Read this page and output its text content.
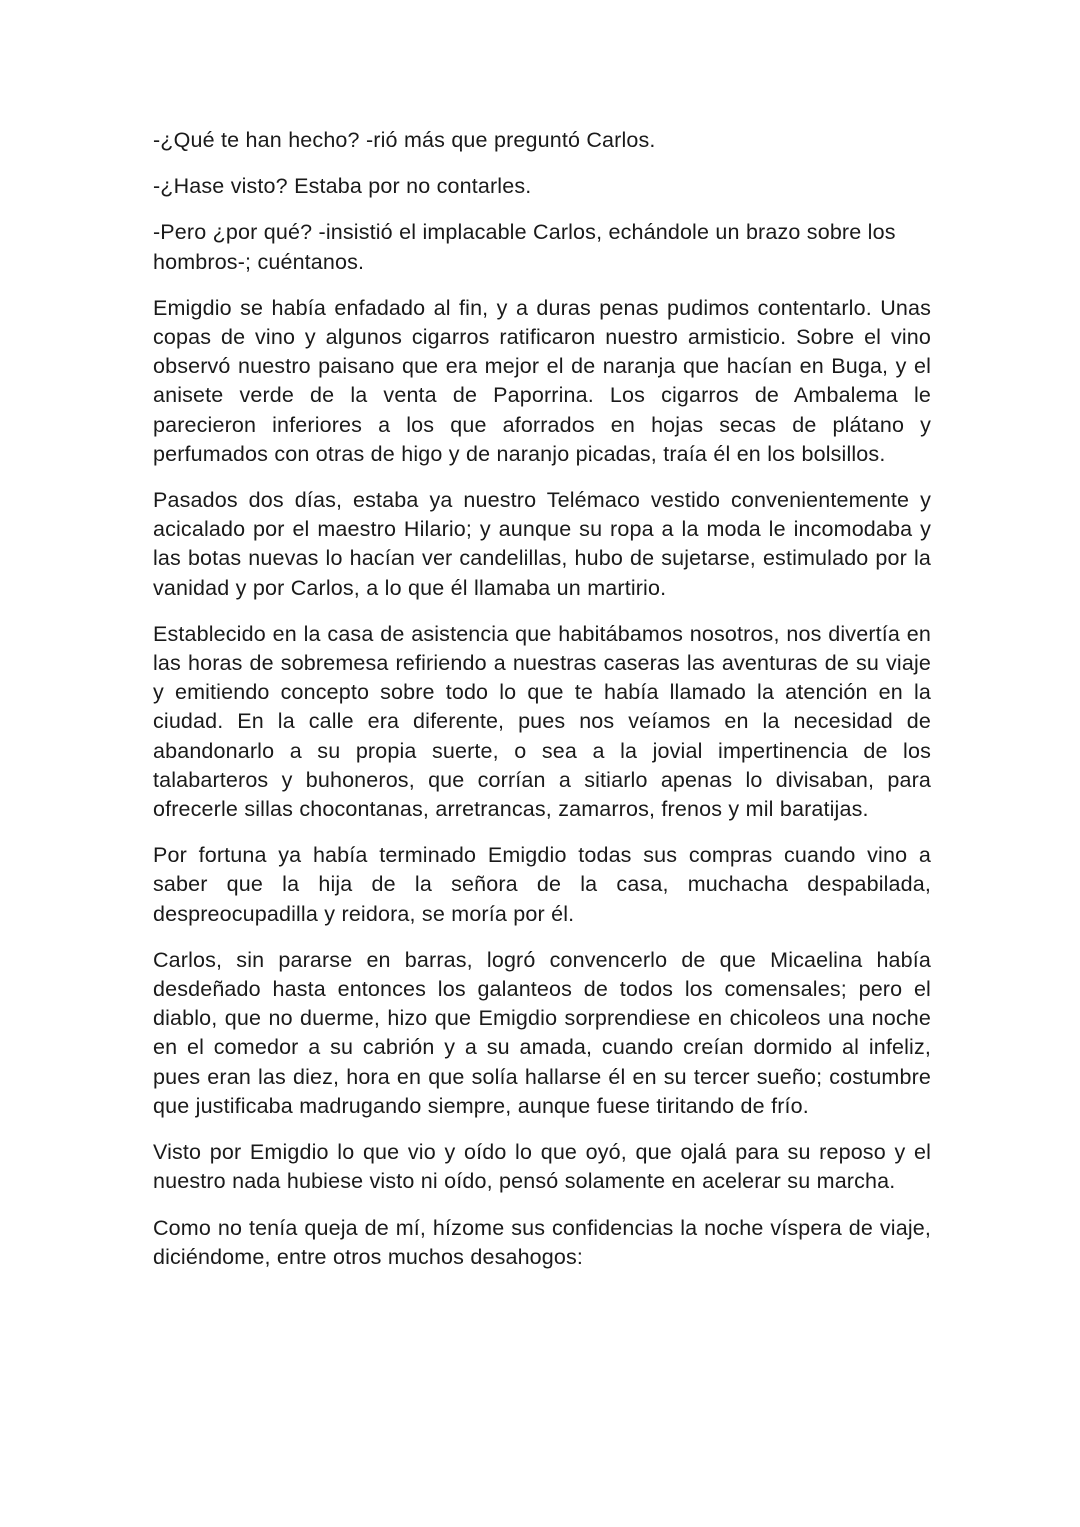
-¿Qué te han hecho? -rió más que preguntó Carlos.

-¿Hase visto? Estaba por no contarles.

-Pero ¿por qué? -insistió el implacable Carlos, echándole un brazo sobre los hombros-; cuéntanos.

Emigdio se había enfadado al fin, y a duras penas pudimos contentarlo. Unas copas de vino y algunos cigarros ratificaron nuestro armisticio. Sobre el vino observó nuestro paisano que era mejor el de naranja que hacían en Buga, y el anisete verde de la venta de Paporrina. Los cigarros de Ambalema le parecieron inferiores a los que aforrados en hojas secas de plátano y perfumados con otras de higo y de naranjo picadas, traía él en los bolsillos.

Pasados dos días, estaba ya nuestro Telémaco vestido convenientemente y acicalado por el maestro Hilario; y aunque su ropa a la moda le incomodaba y las botas nuevas lo hacían ver candelillas, hubo de sujetarse, estimulado por la vanidad y por Carlos, a lo que él llamaba un martirio.

Establecido en la casa de asistencia que habitábamos nosotros, nos divertía en las horas de sobremesa refiriendo a nuestras caseras las aventuras de su viaje y emitiendo concepto sobre todo lo que te había llamado la atención en la ciudad. En la calle era diferente, pues nos veíamos en la necesidad de abandonarlo a su propia suerte, o sea a la jovial impertinencia de los talabarteros y buhoneros, que corrían a sitiarlo apenas lo divisaban, para ofrecerle sillas chocontanas, arretrancas, zamarros, frenos y mil baratijas.

Por fortuna ya había terminado Emigdio todas sus compras cuando vino a saber que la hija de la señora de la casa, muchacha despabilada, despreocupadilla y reidora, se moría por él.

Carlos, sin pararse en barras, logró convencerlo de que Micaelina había desdeñado hasta entonces los galanteos de todos los comensales; pero el diablo, que no duerme, hizo que Emigdio sorprendiese en chicoleos una noche en el comedor a su cabrión y a su amada, cuando creían dormido al infeliz, pues eran las diez, hora en que solía hallarse él en su tercer sueño; costumbre que justificaba madrugando siempre, aunque fuese tiritando de frío.

Visto por Emigdio lo que vio y oído lo que oyó, que ojalá para su reposo y el nuestro nada hubiese visto ni oído, pensó solamente en acelerar su marcha.

Como no tenía queja de mí, hízome sus confidencias la noche víspera de viaje, diciéndome, entre otros muchos desahogos:
